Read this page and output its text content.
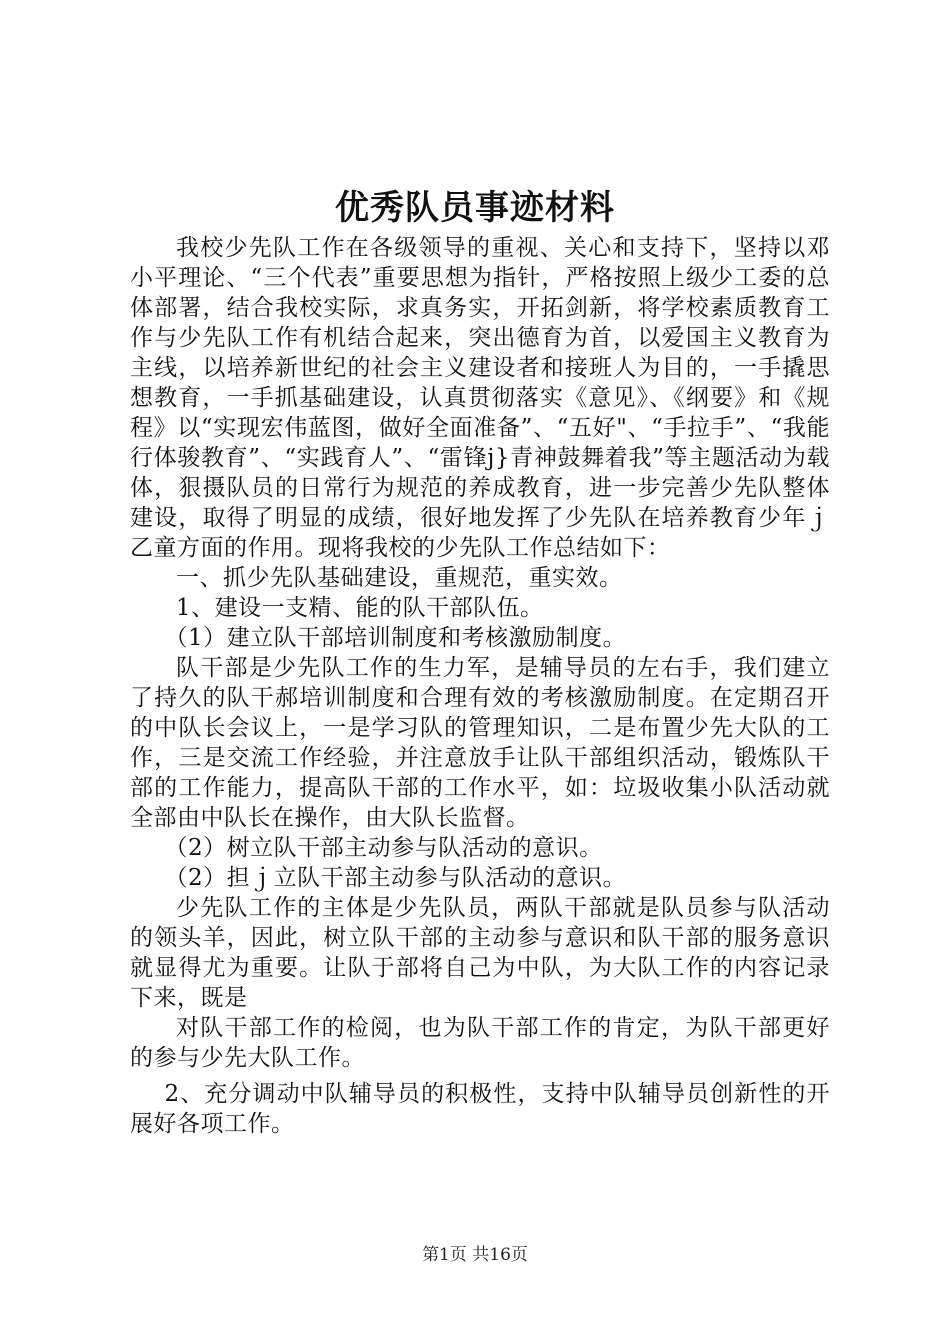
优秀队员事迹材料

我校少先队工作在各级领导的重视、关心和支持下，坚持以邓小平理论、“三个代表”重要思想为指针，严格按照上级少工委的总体部署，结合我校实际，求真务实，开拓剑新，将学校素质教育工作与少先队工作有机结合起来，突出德育为首，以爱国主义教育为主线，以培养新世纪的社会主义建设者和接班人为目的，一手撬思想教育，一手抓基础建设，认真贯彻落实《意见》、《纲要》和《规程》以“实现宏伟蓝图，做好全面准备”、“五好"、“手拉手”、“我能行体骏教育”、“实践育人”、“雷锋j}青神鼓舞着我”等主题活动为载体，狠摄队员的日常行为规范的养成教育，进一步完善少先队整体建设，取得了明显的成绩，很好地发挥了少先队在培养教育少年ｊ乙童方面的作用。现将我校的少先队工作总结如下：

一、抓少先队基础建设，重规范，重实效。

1、建设一支精、能的队干部队伍。

（1）建立队干部培训制度和考核激励制度。

队干部是少先队工作的生力军，是辅导员的左右手，我们建立了持久的队干郝培训制度和合理有效的考核激励制度。在定期召开的中队长会议上，一是学习队的管理知识，二是布置少先大队的工作，三是交流工作经验，并注意放手让队干部组织活动，锻炼队干部的工作能力，提高队干部的工作水平，如：垃圾收集小队活动就全部由中队长在操作，由大队长监督。

（2）树立队干部主动参与队活动的意识。

（2）担ｊ立队干部主动参与队活动的意识。

少先队工作的主体是少先队员，两队干部就是队员参与队活动的领头羊，因此，树立队干部的主动参与意识和队干部的服务意识就显得尤为重要。让队于部将自己为中队，为大队工作的内容记录下来，既是

对队干部工作的检阅，也为队干部工作的肯定，为队干部更好的参与少先大队工作。

2、充分调动中队辅导员的积极性，支持中队辅导员创新性的开展好各项工作。

第1页 共16页
